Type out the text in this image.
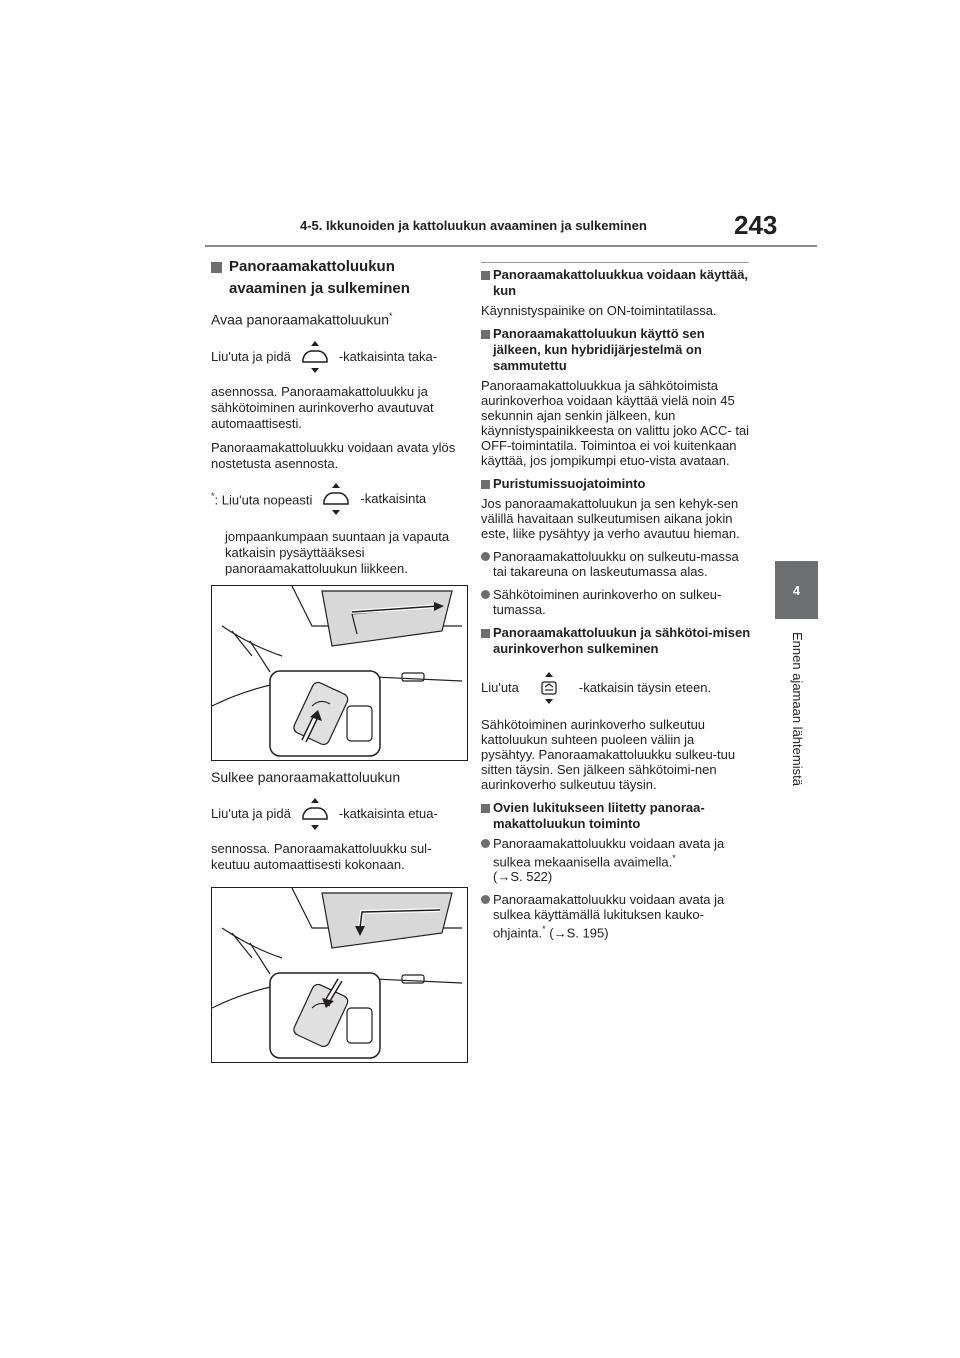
4-5. Ikkunoiden ja kattoluukun avaaminen ja sulkeminen	243
4
Ennen ajamaan lähtemistä
Panoraamakattoluukun
avaaminen ja sulkeminen
Avaa panoraamakattoluukun*
Liu'uta ja pidä	-katkaisinta taka-

asennossa. Panoraamakattoluukku ja sähkötoiminen aurinkoverho avautuvat automaattisesti.

Panoraamakattoluukku voidaan avata ylös nostetusta asennosta.

*: Liu'uta nopeasti	-katkaisinta

jompaankumpaan suuntaan ja vapauta katkaisin pysäyttääksesi panoraamakattoluukun liikkeen.

Sulkee panoraamakattoluukun
Liu'uta ja pidä	-katkaisinta etua-

sennossa. Panoraamakattoluukku sul-keutuu automaattisesti kokonaan.

Panoraamakattoluukkua voidaan käyttää, kun

Käynnistyspainike on ON-toimintatilassa.

Panoraamakattoluukun käyttö sen jälkeen, kun hybridijärjestelmä on sammutettu

Panoraamakattoluukkua ja sähkötoimista aurinkoverhoa voidaan käyttää vielä noin 45 sekunnin ajan senkin jälkeen, kun käynnistyspainikkeesta on valittu joko ACC- tai OFF-toimintatila. Toimintoa ei voi kuitenkaan käyttää, jos jompikumpi etuo-vista avataan.

Puristumissuojatoiminto

Jos panoraamakattoluukun ja sen kehyk-sen välillä havaitaan sulkeutumisen aikana jokin este, liike pysähtyy ja verho avautuu hieman.

Panoraamakattoluukku on sulkeutu-massa tai takareuna on laskeutumassa alas.
Sähkötoiminen aurinkoverho on sulkeu-tumassa.
Panoraamakattoluukun ja sähkötoi-misen aurinkoverhon sulkeminen
Liu'uta	-katkaisin täysin eteen.

Sähkötoiminen aurinkoverho sulkeutuu kattoluukun suhteen puoleen väliin ja pysähtyy. Panoraamakattoluukku sulkeu-tuu sitten täysin. Sen jälkeen sähkötoimi-nen aurinkoverho sulkeutuu täysin.

Ovien lukitukseen liitetty panoraa-makattoluukun toiminto
Panoraamakattoluukku voidaan avata ja sulkea mekaanisella avaimella.*
(→S. 522)
Panoraamakattoluukku voidaan avata ja sulkea käyttämällä lukituksen kauko-ohjainta.* (→S. 195)
